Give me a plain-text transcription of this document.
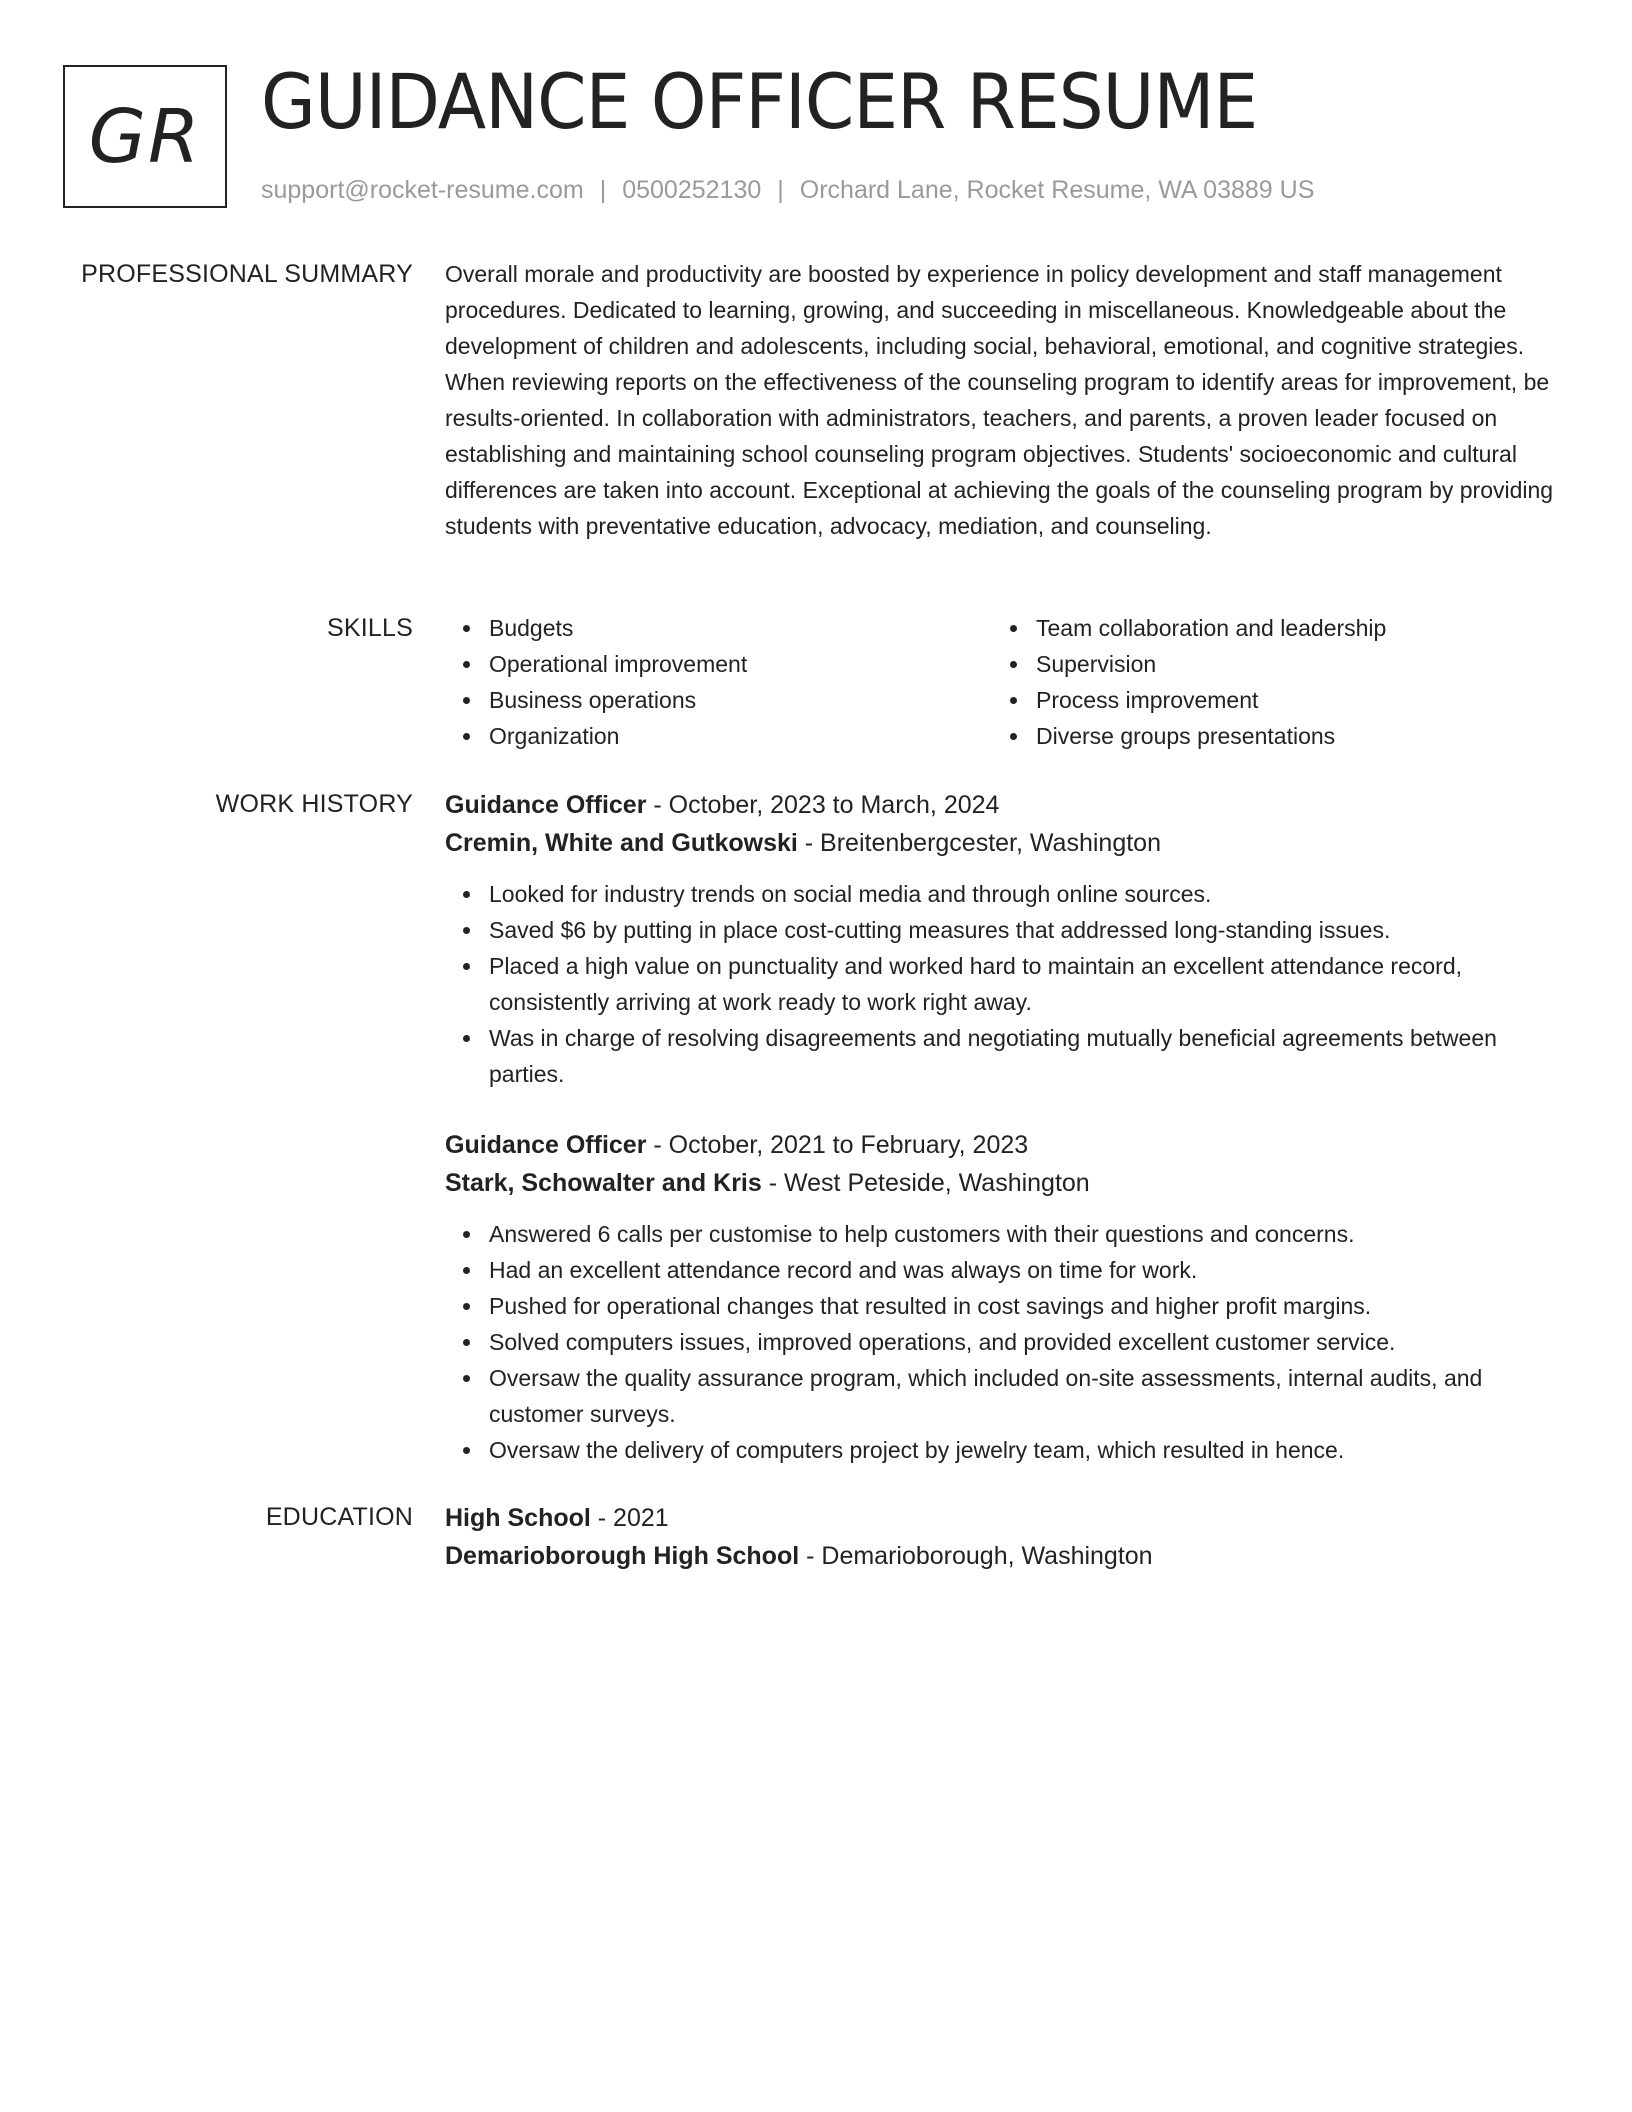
GR GUIDANCE OFFICER RESUME
support@rocket-resume.com | 0500252130 | Orchard Lane, Rocket Resume, WA 03889 US
PROFESSIONAL SUMMARY Overall morale and productivity are boosted by experience in policy development and staff management procedures. Dedicated to learning, growing, and succeeding in miscellaneous. Knowledgeable about the development of children and adolescents, including social, behavioral, emotional, and cognitive strategies. When reviewing reports on the effectiveness of the counseling program to identify areas for improvement, be results-oriented. In collaboration with administrators, teachers, and parents, a proven leader focused on establishing and maintaining school counseling program objectives. Students' socioeconomic and cultural differences are taken into account. Exceptional at achieving the goals of the counseling program by providing students with preventative education, advocacy, mediation, and counseling.

SKILLS	Budgets
Operational improvement
Business operations
Organization
Team collaboration and leadership
Supervision
Process improvement
Diverse groups presentations
WORK HISTORY Guidance Officer - October, 2023 to March, 2024
Cremin, White and Gutkowski - Breitenbergcester, Washington
Looked for industry trends on social media and through online sources.
Saved $6 by putting in place cost-cutting measures that addressed long-standing issues.
Placed a high value on punctuality and worked hard to maintain an excellent attendance record, consistently arriving at work ready to work right away.
Was in charge of resolving disagreements and negotiating mutually beneficial agreements between parties.
Guidance Officer - October, 2021 to February, 2023
Stark, Schowalter and Kris - West Peteside, Washington
Answered 6 calls per customise to help customers with their questions and concerns.
Had an excellent attendance record and was always on time for work.
Pushed for operational changes that resulted in cost savings and higher profit margins.
Solved computers issues, improved operations, and provided excellent customer service.
Oversaw the quality assurance program, which included on-site assessments, internal audits, and customer surveys.
Oversaw the delivery of computers project by jewelry team, which resulted in hence.
EDUCATION High School - 2021
Demarioborough High School - Demarioborough, Washington
